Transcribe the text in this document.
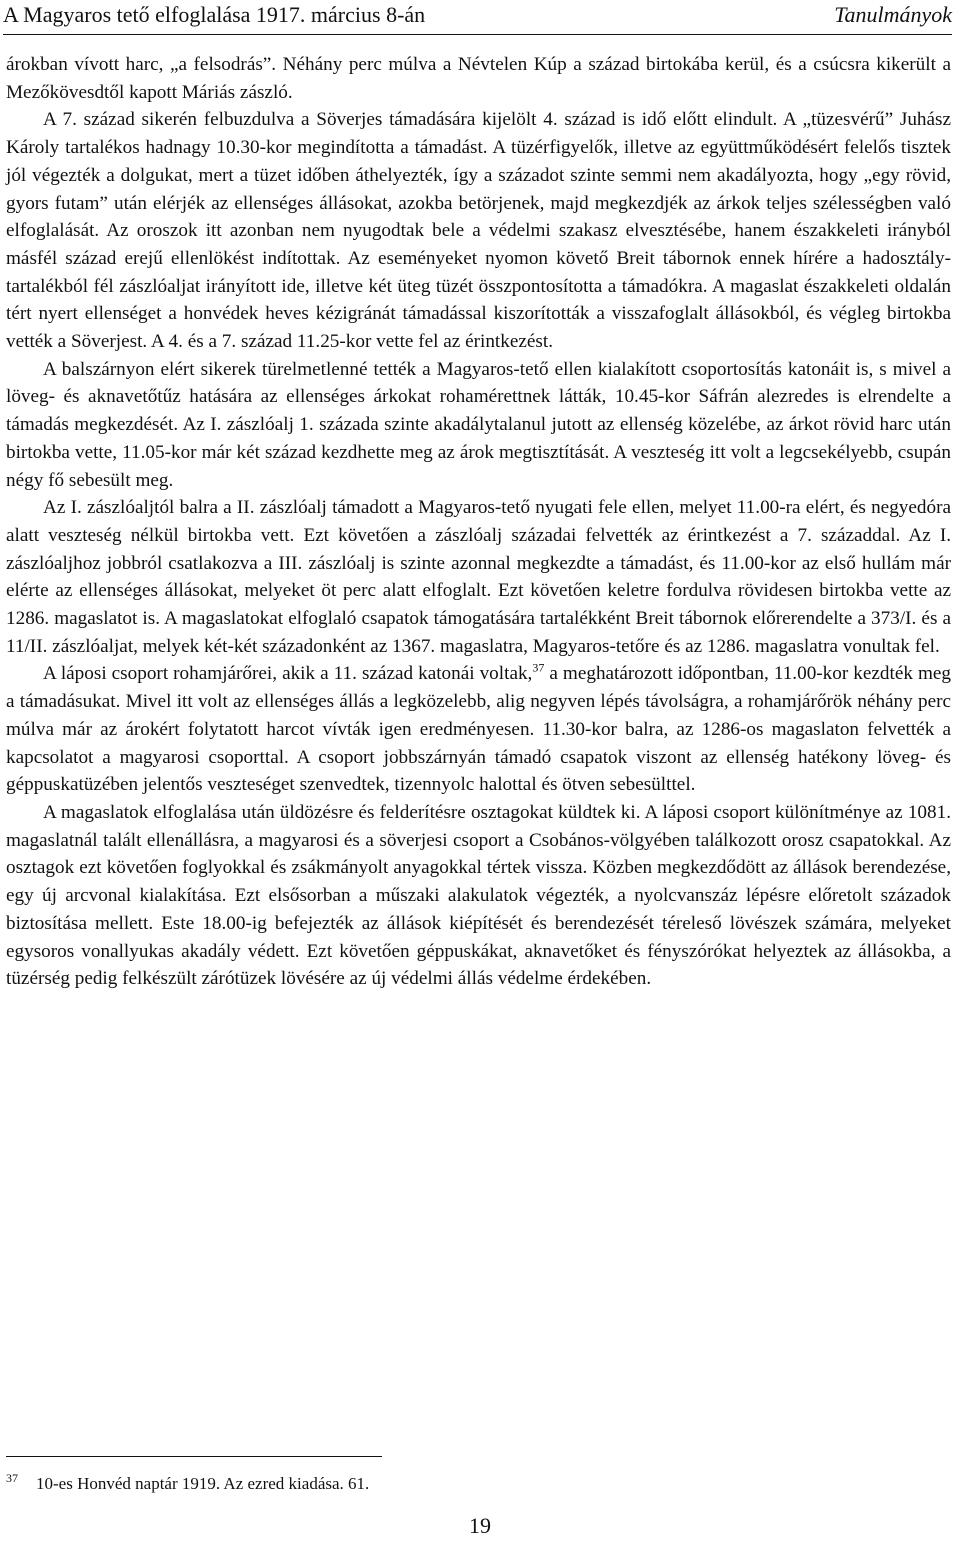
A Magyaros tető elfoglalása 1917. március 8-án	Tanulmányok

árokban vívott harc, „a felsodrás”. Néhány perc múlva a Névtelen Kúp a század birtokába kerül, és a csúcsra kikerült a Mezőkövesdtől kapott Máriás zászló.

A 7. század sikerén felbuzdulva a Söverjes támadására kijelölt 4. század is idő előtt elindult. A „tüzesvérű” Juhász Károly tartalékos hadnagy 10.30-kor megindította a támadást. A tüzérfigyelők, illetve az együttműködésért felelős tisztek jól végezték a dolgukat, mert a tüzet időben áthelyezték, így a századot szinte semmi nem akadályozta, hogy „egy rövid, gyors futam” után elérjék az ellenséges állásokat, azokba betörjenek, majd megkezdjék az árkok teljes szélességben való elfoglalását. Az oroszok itt azonban nem nyugodtak bele a védelmi szakasz elvesztésébe, hanem északkeleti irányból másfél század erejű ellenlökést indítottak. Az eseményeket nyomon követő Breit tábornok ennek hírére a hadosztálytartalékból fél zászlóaljat irányított ide, illetve két üteg tüzét összpontosította a támadókra. A magaslat északkeleti oldalán tért nyert ellenséget a honvédek heves kézigránát támadással kiszorították a visszafoglalt állásokból, és végleg birtokba vették a Söverjest. A 4. és a 7. század 11.25-kor vette fel az érintkezést.

A balszárnyon elért sikerek türelmetlenné tették a Magyaros-tető ellen kialakított csoportosítás katonáit is, s mivel a löveg- és aknavetőtűz hatására az ellenséges árkokat rohamérettnek látták, 10.45-kor Sáfrán alezredes is elrendelte a támadás megkezdését. Az I. zászlóalj 1. százada szinte akadálytalanul jutott az ellenség közelébe, az árkot rövid harc után birtokba vette, 11.05-kor már két század kezdhette meg az árok megtisztítását. A veszteség itt volt a legcsekélyebb, csupán négy fő sebesült meg.

Az I. zászlóaljtól balra a II. zászlóalj támadott a Magyaros-tető nyugati fele ellen, melyet 11.00-ra elért, és negyedóra alatt veszteség nélkül birtokba vett. Ezt követően a zászlóalj századai felvették az érintkezést a 7. századdal. Az I. zászlóaljhoz jobbról csatlakozva a III. zászlóalj is szinte azonnal megkezdte a támadást, és 11.00-kor az első hullám már elérte az ellenséges állásokat, melyeket öt perc alatt elfoglalt. Ezt követően keletre fordulva rövidesen birtokba vette az 1286. magaslatot is. A magaslatokat elfoglaló csapatok támogatására tartalékként Breit tábornok előrerendelte a 373/I. és a 11/II. zászlóaljat, melyek két-két századonként az 1367. magaslatra, Magyaros-tetőre és az 1286. magaslatra vonultak fel.

A láposi csoport rohamjárőrei, akik a 11. század katonái voltak,$^{37}$ a meghatározott időpontban, 11.00-kor kezdték meg a támadásukat. Mivel itt volt az ellenséges állás a legközelebb, alig negyven lépés távolságra, a rohamjárőrök néhány perc múlva már az árokért folytatott harcot vívták igen eredményesen. 11.30-kor balra, az 1286-os magaslaton felvették a kapcsolatot a magyarosi csoporttal. A csoport jobbszárnyán támadó csapatok viszont az ellenség hatékony löveg- és géppuskatüzében jelentős veszteséget szenvedtek, tizennyolc halottal és ötven sebesülttel.

A magaslatok elfoglalása után üldözésre és felderítésre osztagokat küldtek ki. A láposi csoport különítménye az 1081. magaslatnál talált ellenállásra, a magyarosi és a söverjesi csoport a Csobános-völgyében találkozott orosz csapatokkal. Az osztagok ezt követően foglyokkal és zsákmányolt anyagokkal tértek vissza. Közben megkezdődött az állások berendezése, egy új arcvonal kialakítása. Ezt elsősorban a műszaki alakulatok végezték, a nyolcvanszáz lépésre előretolt századok biztosítása mellett. Este 18.00-ig befejezték az állások kiépítését és berendezését téreleső lövészek számára, melyeket egysoros vonallyukas akadály védett. Ezt követően géppuskákat, aknavetőket és fényszórókat helyeztek az állásokba, a tüzérség pedig felkészült zárótüzek lövésére az új védelmi állás védelme érdekében.

$^{37}$ 10-es Honvéd naptár 1919. Az ezred kiadása. 61.
19
